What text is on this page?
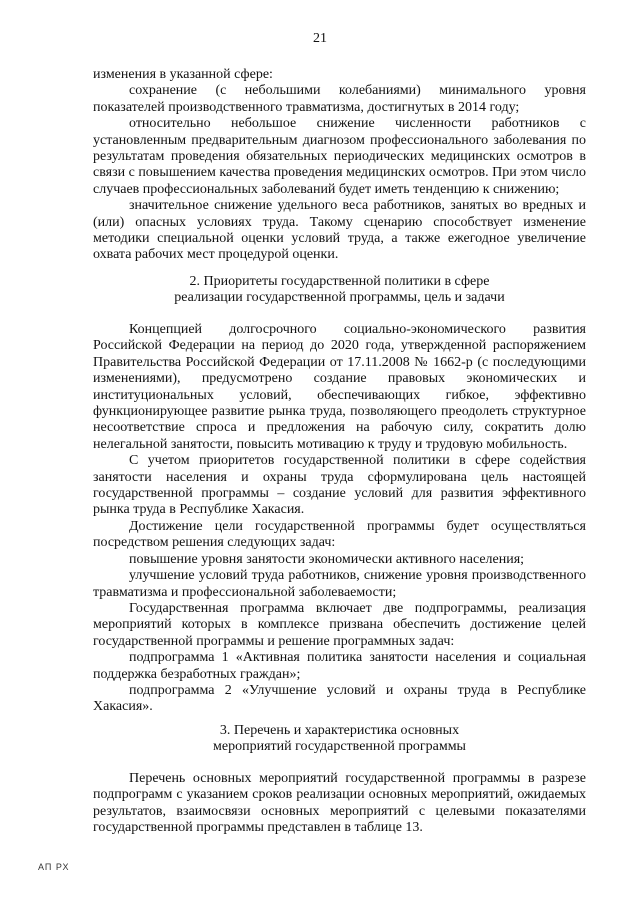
21

изменения в указанной сфере:

сохранение (с небольшими колебаниями) минимального уровня показателей производственного травматизма, достигнутых в 2014 году;

относительно небольшое снижение численности работников с установленным предварительным диагнозом профессионального заболевания по результатам проведения обязательных периодических медицинских осмотров в связи с повышением качества проведения медицинских осмотров. При этом число случаев профессиональных заболеваний будет иметь тенденцию к снижению;

значительное снижение удельного веса работников, занятых во вредных и (или) опасных условиях труда. Такому сценарию способствует изменение методики специальной оценки условий труда, а также ежегодное увеличение охвата рабочих мест процедурой оценки.

2. Приоритеты государственной политики в сфере
реализации государственной программы, цель и задачи

Концепцией долгосрочного социально-экономического развития Российской Федерации на период до 2020 года, утвержденной распоряжением Правительства Российской Федерации от 17.11.2008 № 1662-р (с последующими изменениями), предусмотрено создание правовых экономических и институциональных условий, обеспечивающих гибкое, эффективно функционирующее развитие рынка труда, позволяющего преодолеть структурное несоответствие спроса и предложения на рабочую силу, сократить долю нелегальной занятости, повысить мотивацию к труду и трудовую мобильность.

С учетом приоритетов государственной политики в сфере содействия занятости населения и охраны труда сформулирована цель настоящей государственной программы – создание условий для развития эффективного рынка труда в Республике Хакасия.

Достижение цели государственной программы будет осуществляться посредством решения следующих задач:

повышение уровня занятости экономически активного населения;

улучшение условий труда работников, снижение уровня производственного травматизма и профессиональной заболеваемости;

Государственная программа включает две подпрограммы, реализация мероприятий которых в комплексе призвана обеспечить достижение целей государственной программы и решение программных задач:

подпрограмма 1 «Активная политика занятости населения и социальная поддержка безработных граждан»;

подпрограмма 2 «Улучшение условий и охраны труда в Республике Хакасия».

3. Перечень и характеристика основных
мероприятий государственной программы

Перечень основных мероприятий государственной программы в разрезе подпрограмм с указанием сроков реализации основных мероприятий, ожидаемых результатов, взаимосвязи основных мероприятий с целевыми показателями государственной программы представлен в таблице 13.

АП РХ
